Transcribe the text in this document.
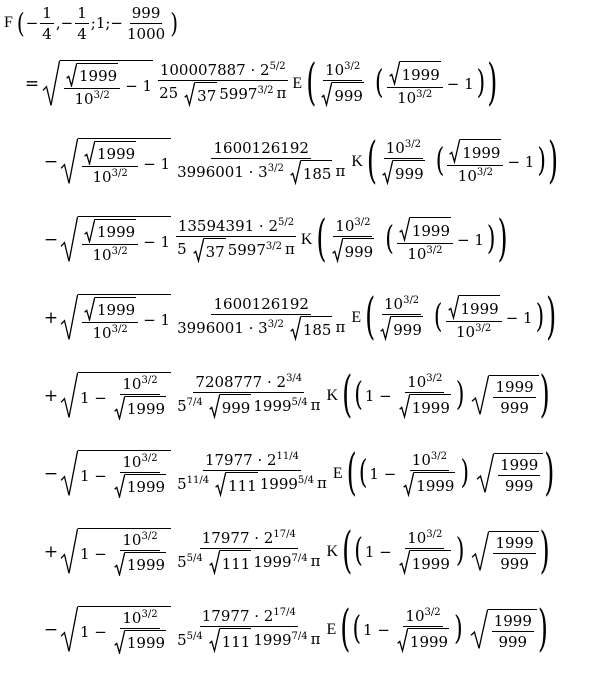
F ( − $\frac{1}{4}$ , − $\frac{1}{4}$ ; 1 ; − $\frac{999}{1000}$ )
= $\frac{1999}{10^{3/2}} - 1 \frac{100007887 \cdot 2^{5/2}}{25 37 5997^{3/2} \pi}$ E ( $\frac{10^{3/2}}{999}$ ( $\frac{1999}{10^{3/2}} - 1$ ) )
− $\frac{1999}{10^{3/2}} - 1 \frac{1600126192}{3996001 \cdot 3^{3/2} 185 \pi}$ K ( $\frac{10^{3/2}}{999}$ ( $\frac{1999}{10^{3/2}} - 1$ ) )
− $\frac{1999}{10^{3/2}} - 1 \frac{13594391 \cdot 2^{5/2}}{5 37 5997^{3/2} \pi}$ K ( $\frac{10^{3/2}}{999}$ ( $\frac{1999}{10^{3/2}} - 1$ ) )
+ $\frac{1999}{10^{3/2}} - 1 \frac{1600126192}{3996001 \cdot 3^{3/2} 185 \pi}$ E ( $\frac{10^{3/2}}{999}$ ( $\frac{1999}{10^{3/2}} - 1$ ) )
+ $1 - \frac{10^{3/2}}{1999} \frac{7208777 \cdot 2^{3/4}}{5^{7/4} 999 1999^{5/4} \pi}$ K ( ( $1 - \frac{10^{3/2}}{1999}$ ) $\frac{1999}{999}$ )
− $1 - \frac{10^{3/2}}{1999} \frac{17977 \cdot 2^{11/4}}{5^{11/4} 111 1999^{5/4} \pi}$ E ( ( $1 - \frac{10^{3/2}}{1999}$ ) $\frac{1999}{999}$ )
+ $1 - \frac{10^{3/2}}{1999} \frac{17977 \cdot 2^{17/4}}{5^{5/4} 111 1999^{7/4} \pi}$ K ( ( $1 - \frac{10^{3/2}}{1999}$ ) $\frac{1999}{999}$ )
− $1 - \frac{10^{3/2}}{1999} \frac{17977 \cdot 2^{17/4}}{5^{5/4} 111 1999^{7/4} \pi}$ E ( ( $1 - \frac{10^{3/2}}{1999}$ ) $\frac{1999}{999}$ )
